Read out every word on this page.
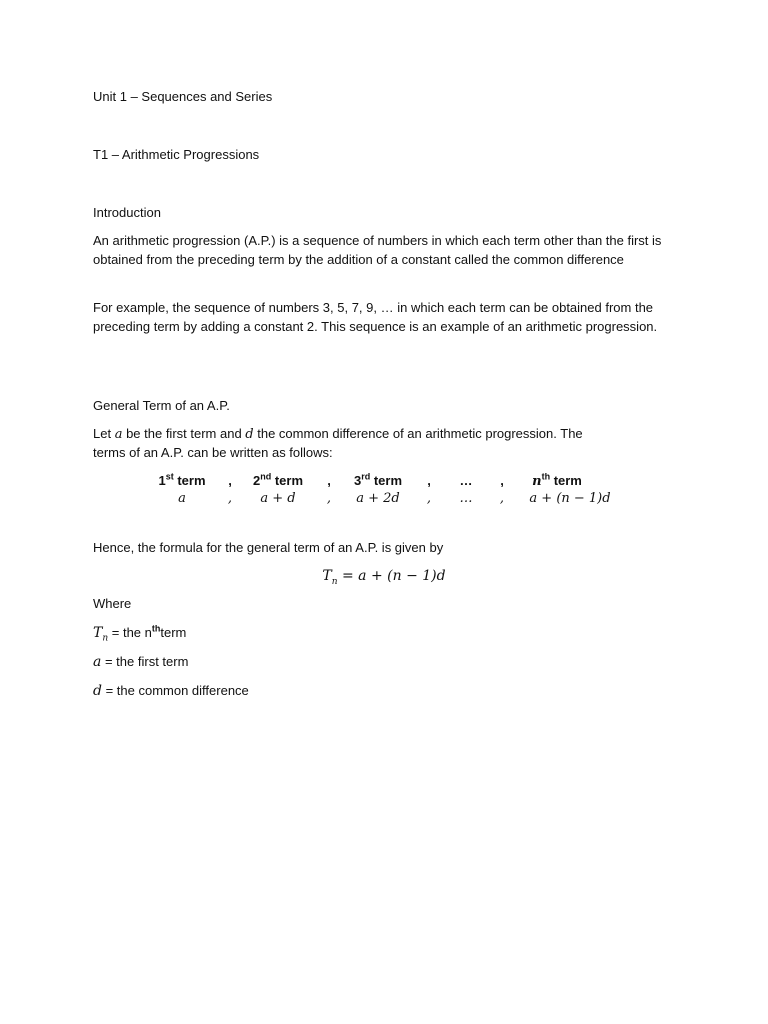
Unit 1 – Sequences and Series
T1 – Arithmetic Progressions
Introduction

An arithmetic progression (A.P.) is a sequence of numbers in which each term other than the first is obtained from the preceding term by the addition of a constant called the common difference

For example, the sequence of numbers 3, 5, 7, 9, … in which each term can be obtained from the preceding term by adding a constant 2. This sequence is an example of an arithmetic progression.

General Term of an A.P.
Let a be the first term and d the common difference of an arithmetic progression. The
terms of an A.P. can be written as follows:
1st term	,	2nd term	,	3rd term	,	…	,	$n^{th}$ term
a	,	a + d	,	a + 2d	,	…	,	a + (n − 1)d
Hence, the formula for the general term of an A.P. is given by
$T_n = a + (n - 1)d$
Where
$T_n$ = the $n^{th}term$
a = the first term
d = the common difference
